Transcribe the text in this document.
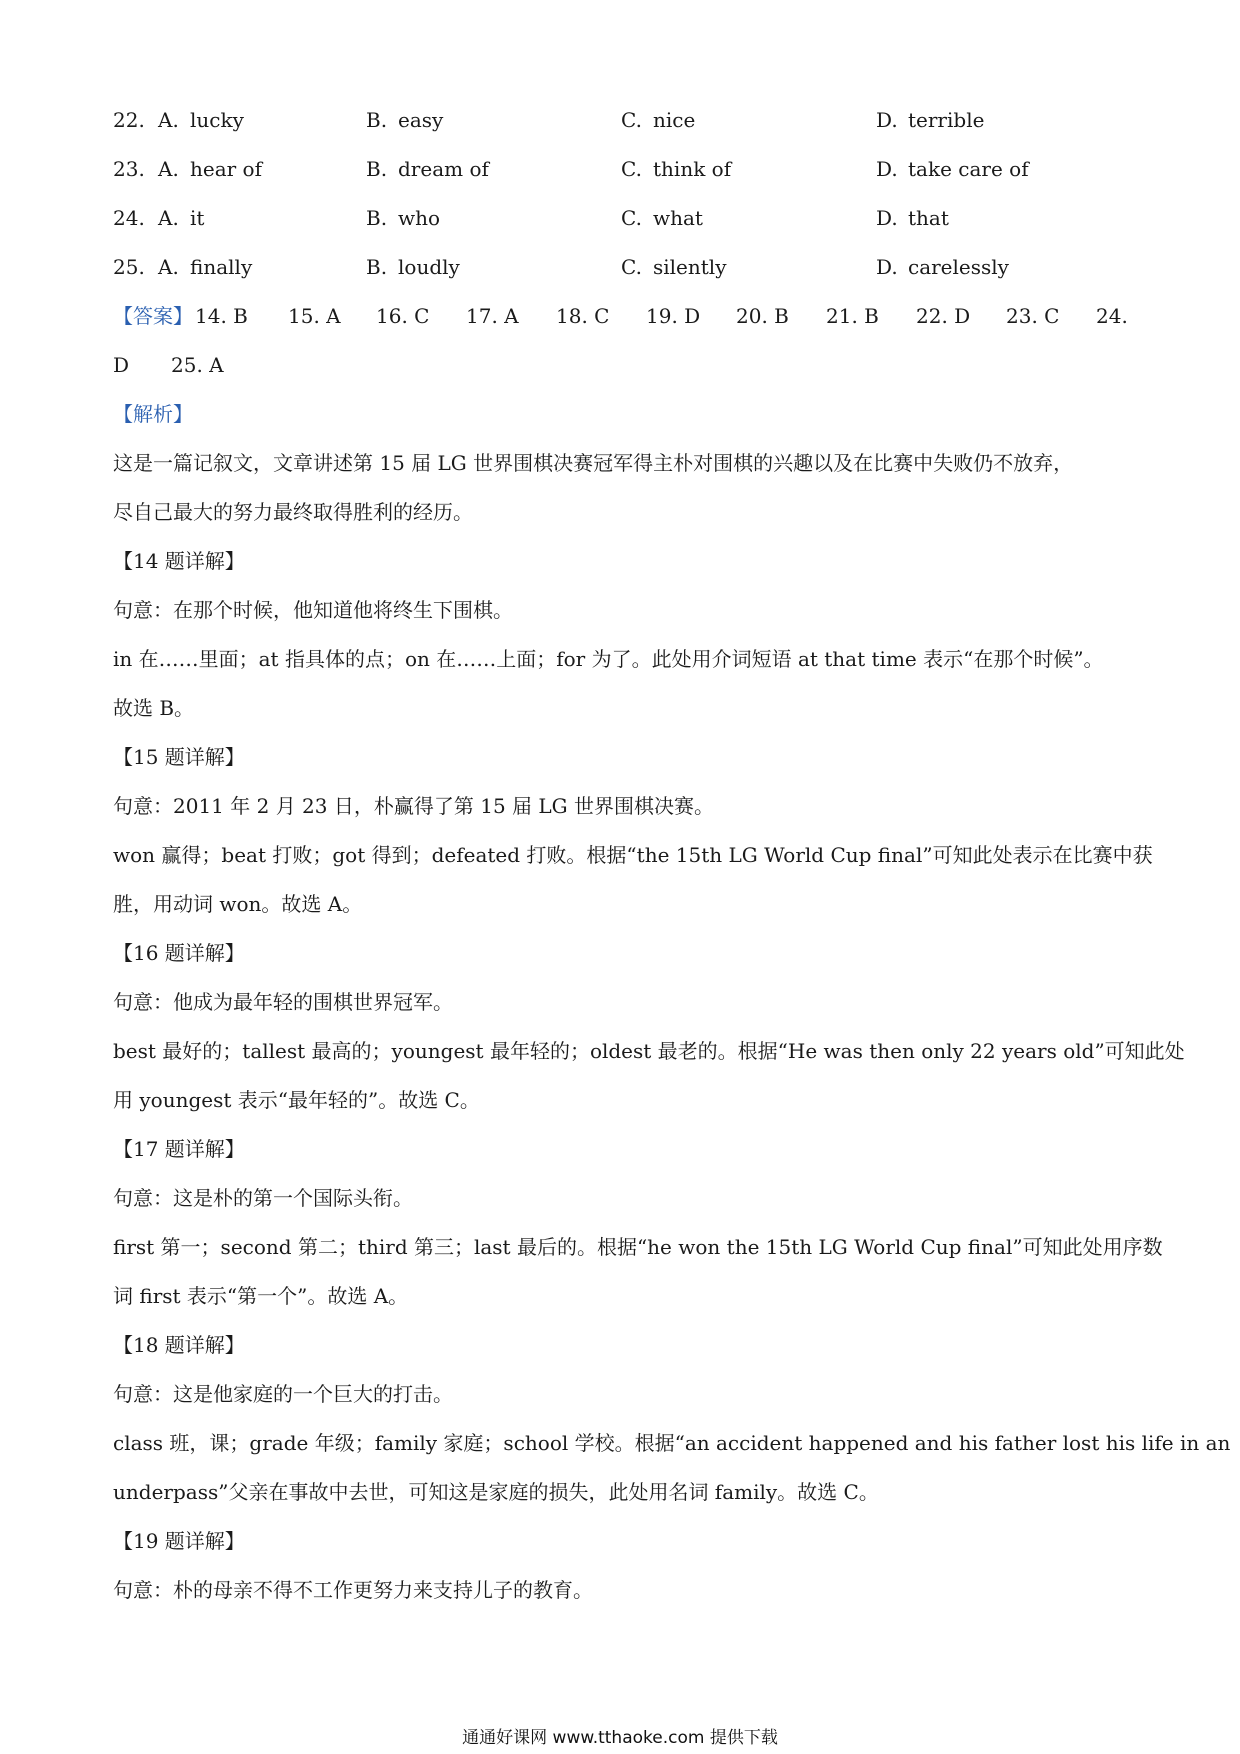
22. A. lucky	B. easy	C. nice	D. terrible
23. A. hear of	B. dream of	C. think of	D. take care of
24. A. it	B. who	C. what	D. that
25. A. finally	B. loudly	C. silently	D. carelessly
【答案】 14. B 15. A 16. C 17. A 18. C 19. D 20. B 21. B 22. D 23. C 24.
D 25. A
【解析】
这是一篇记叙文，文章讲述第 15 届 LG 世界围棋决赛冠军得主朴对围棋的兴趣以及在比赛中失败仍不放弃，
尽自己最大的努力最终取得胜利的经历。
【14 题详解】
句意：在那个时候，他知道他将终生下围棋。
in 在……里面；at 指具体的点；on 在……上面；for 为了。此处用介词短语 at that time 表示“在那个时候”。
故选 B。
【15 题详解】
句意：2011 年 2 月 23 日，朴赢得了第 15 届 LG 世界围棋决赛。
won 赢得；beat 打败；got 得到；defeated 打败。根据“the 15th LG World Cup final”可知此处表示在比赛中获
胜，用动词 won。故选 A。
【16 题详解】
句意：他成为最年轻的围棋世界冠军。
best 最好的；tallest 最高的；youngest 最年轻的；oldest 最老的。根据“He was then only 22 years old”可知此处
用 youngest 表示“最年轻的”。故选 C。
【17 题详解】
句意：这是朴的第一个国际头衔。
first 第一；second 第二；third 第三；last 最后的。根据“he won the 15th LG World Cup final”可知此处用序数
词 first 表示“第一个”。故选 A。
【18 题详解】
句意：这是他家庭的一个巨大的打击。
class 班，课；grade 年级；family 家庭；school 学校。根据“an accident happened and his father lost his life in an
underpass”父亲在事故中去世，可知这是家庭的损失，此处用名词 family。故选 C。
【19 题详解】
句意：朴的母亲不得不工作更努力来支持儿子的教育。
通通好课网 www.tthaoke.com 提供下载
